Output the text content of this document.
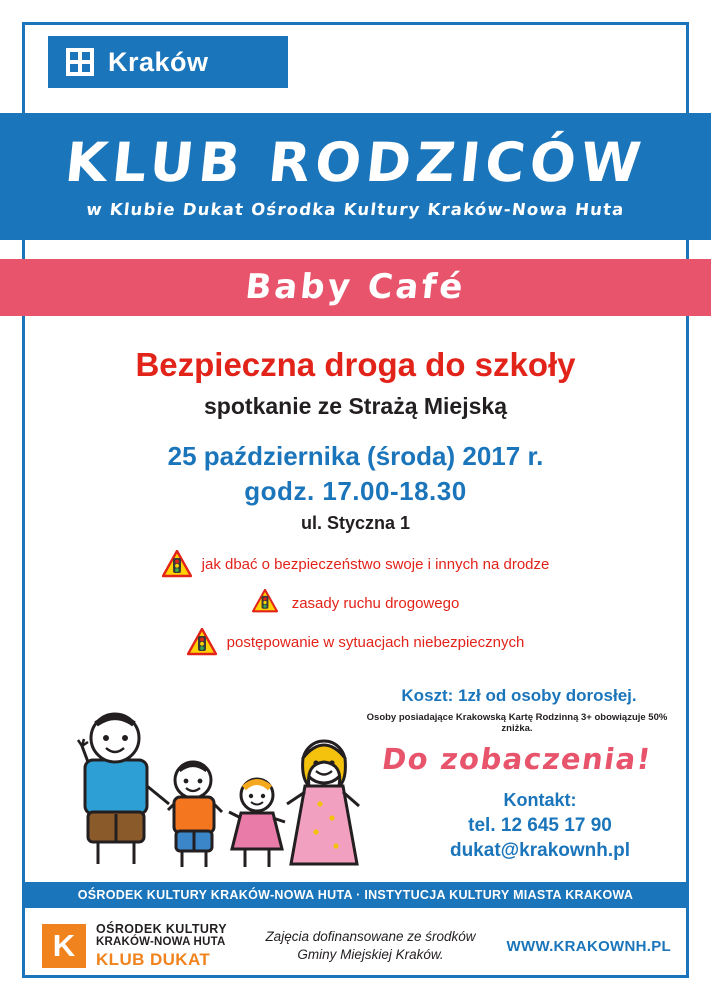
Kraków
KLUB RODZICÓW
w Klubie Dukat Ośrodka Kultury Kraków-Nowa Huta
Baby Café
Bezpieczna droga do szkoły
spotkanie ze Strażą Miejską
25 października (środa) 2017 r.
godz. 17.00-18.30
ul. Styczna 1
jak dbać o bezpieczeństwo swoje i innych na drodze
zasady ruchu drogowego
postępowanie w sytuacjach niebezpiecznych
Koszt: 1zł od osoby dorosłej.
Osoby posiadające Krakowską Kartę Rodzinną 3+ obowiązuje 50% zniżka.
Do zobaczenia!
Kontakt:
tel. 12 645 17 90
dukat@krakownh.pl
OŚRODEK KULTURY KRAKÓW-NOWA HUTA · INSTYTUCJA KULTURY MIASTA KRAKOWA
K	OŚRODEK KULTURY
KRAKÓW-NOWA HUTA
KLUB DUKAT
Zajęcia dofinansowane ze środków
Gminy Miejskiej Kraków.	WWW.KRAKOWNH.PL
